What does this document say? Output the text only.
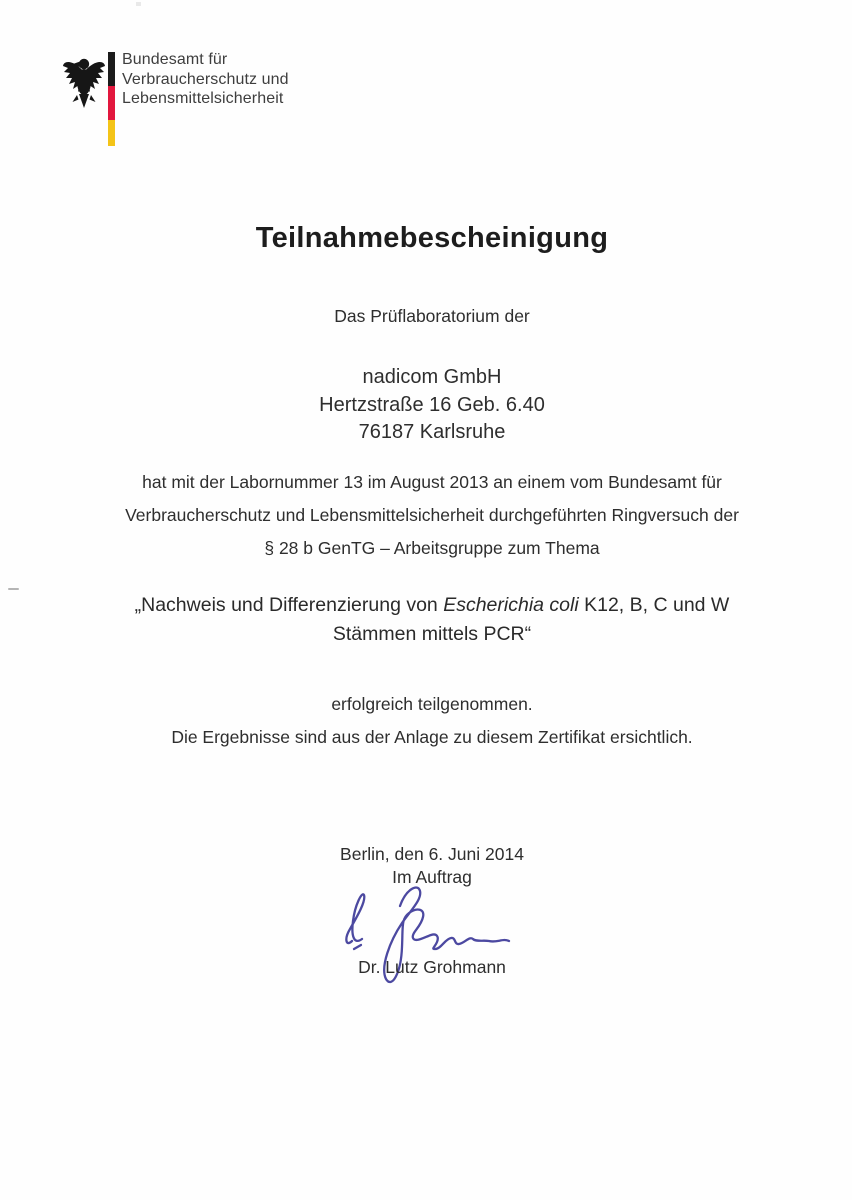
Bundesamt für
Verbraucherschutz und
Lebensmittelsicherheit
Teilnahmebescheinigung
Das Prüflaboratorium der
nadicom GmbH
Hertzstraße 16 Geb. 6.40
76187 Karlsruhe
hat mit der Labornummer 13 im August 2013 an einem vom Bundesamt für
Verbraucherschutz und Lebensmittelsicherheit durchgeführten Ringversuch der
§ 28 b GenTG – Arbeitsgruppe zum Thema
„Nachweis und Differenzierung von Escherichia coli K12, B, C und W
Stämmen mittels PCR“
erfolgreich teilgenommen.
Die Ergebnisse sind aus der Anlage zu diesem Zertifikat ersichtlich.
Berlin, den 6. Juni 2014
Im Auftrag
Dr. Lutz Grohmann
